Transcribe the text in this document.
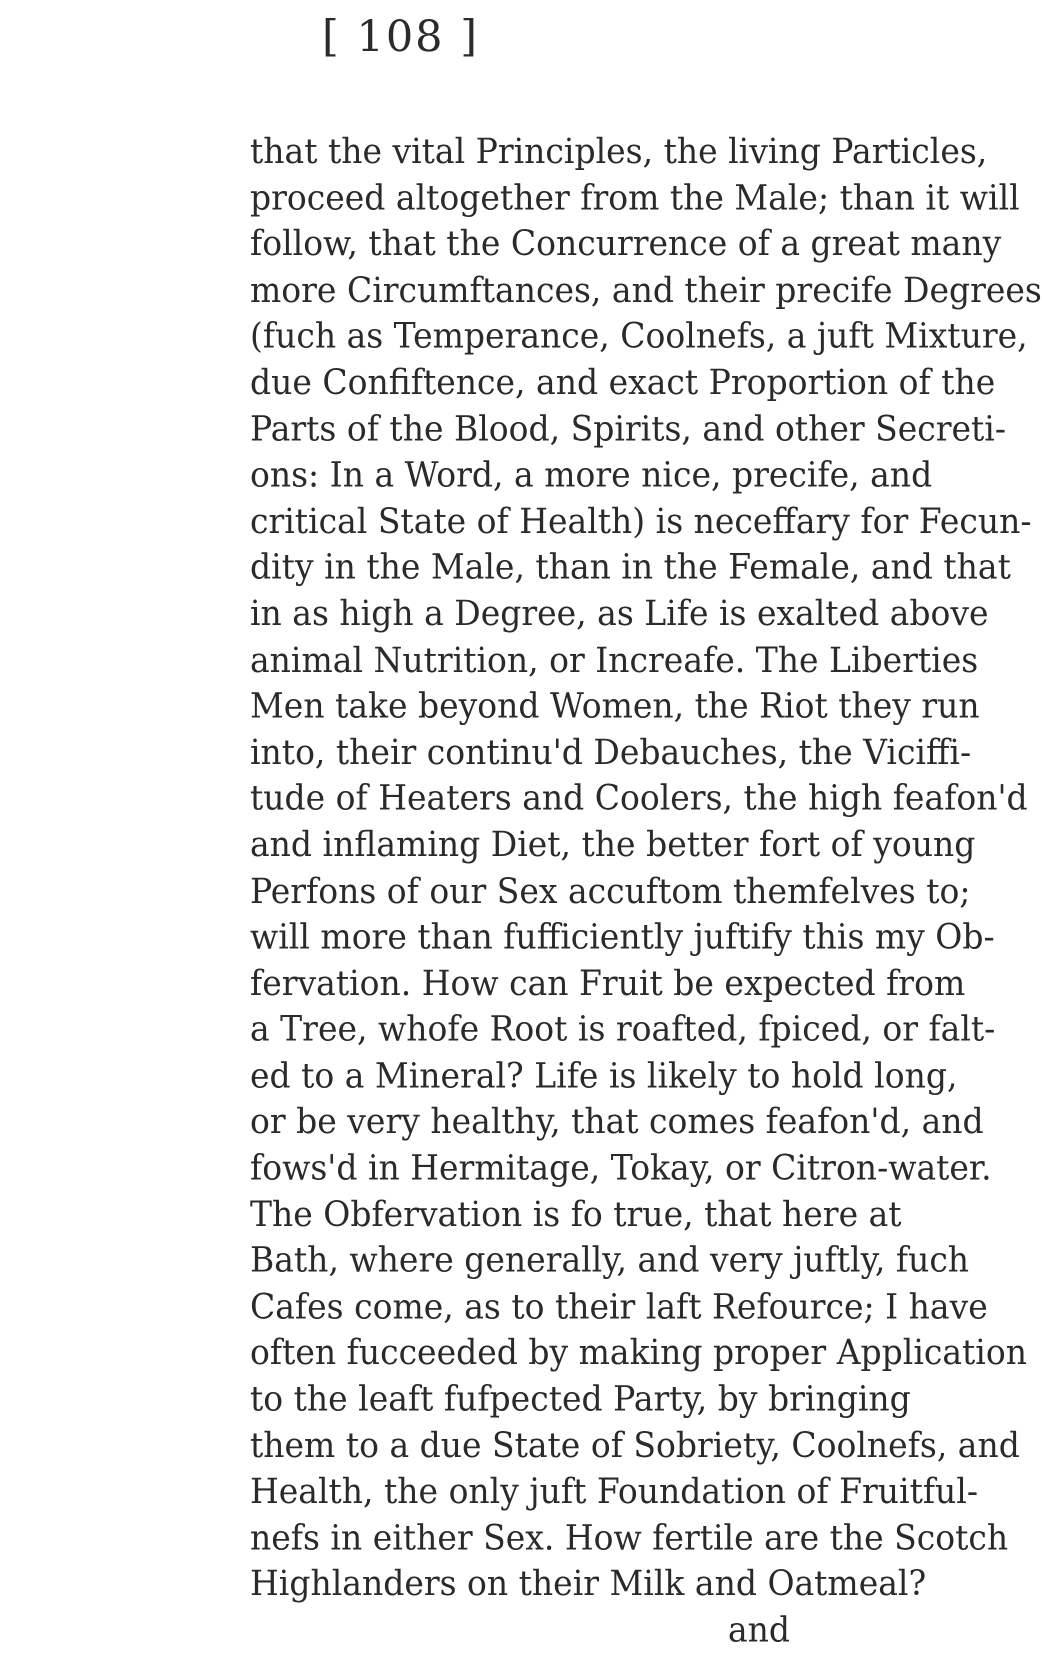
[ 108 ]
that the vital Principles, the living Particles,
proceed altogether from the Male; than it will
follow, that the Concurrence of a great many
more Circumftances, and their precife Degrees
(fuch as Temperance, Coolnefs, a juft Mixture,
due Confiftence, and exact Proportion of the
Parts of the Blood, Spirits, and other Secreti-
ons: In a Word, a more nice, precife, and
critical State of Health) is neceffary for Fecun-
dity in the Male, than in the Female, and that
in as high a Degree, as Life is exalted above
animal Nutrition, or Increafe. The Liberties
Men take beyond Women, the Riot they run
into, their continu'd Debauches, the Viciffi-
tude of Heaters and Coolers, the high feafon'd
and inflaming Diet, the better fort of young
Perfons of our Sex accuftom themfelves to;
will more than fufficiently juftify this my Ob-
fervation. How can Fruit be expected from
a Tree, whofe Root is roafted, fpiced, or falt-
ed to a Mineral? Life is likely to hold long,
or be very healthy, that comes feafon'd, and
fows'd in Hermitage, Tokay, or Citron-water.
The Obfervation is fo true, that here at
Bath, where generally, and very juftly, fuch
Cafes come, as to their laft Refource; I have
often fucceeded by making proper Application
to the leaft fufpected Party, by bringing
them to a due State of Sobriety, Coolnefs, and
Health, the only juft Foundation of Fruitful-
nefs in either Sex. How fertile are the Scotch
Highlanders on their Milk and Oatmeal?
and
